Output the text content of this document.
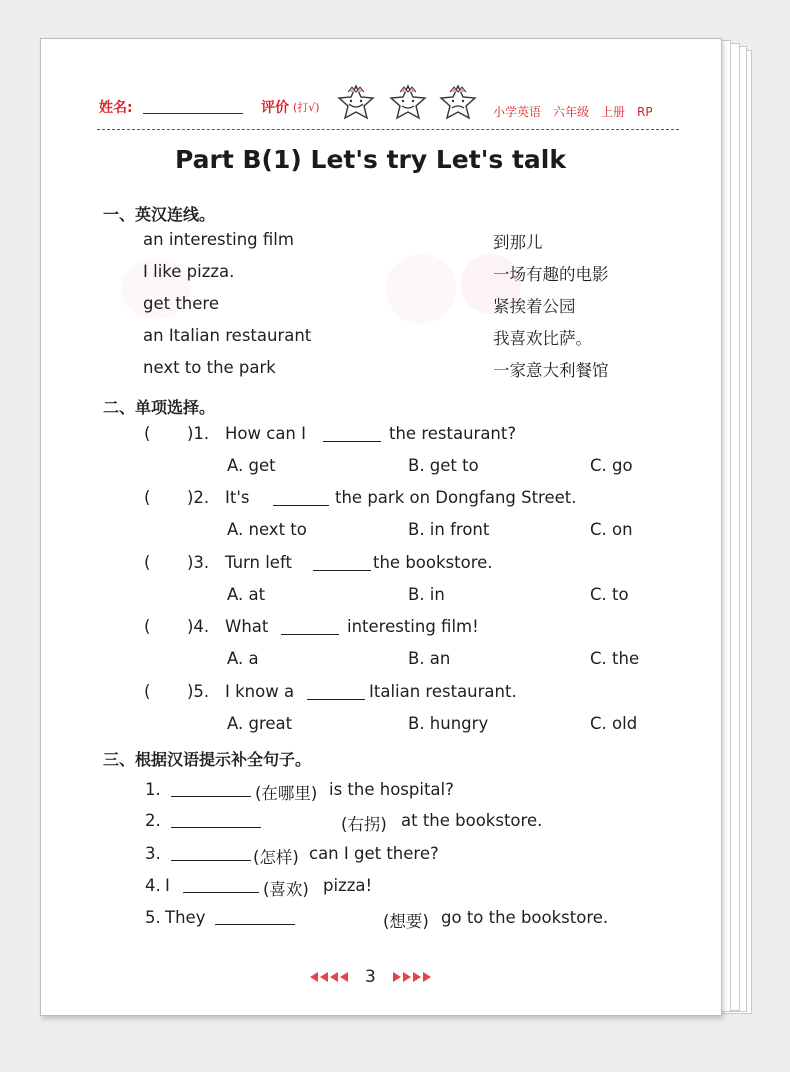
姓名:	评价 (打√)	小学英语　六年级　上册　RP
Part B(1) Let's try Let's talk
一、英汉连线。
an interesting film
I like pizza.
get there
an Italian restaurant
next to the park
到那儿
一场有趣的电影
紧挨着公园
我喜欢比萨。
一家意大利餐馆
二、单项选择。
( )1. How can I	the restaurant?
A. get	B. get to	C. go
( )2. It's	the park on Dongfang Street.
A. next to	B. in front	C. on
( )3. Turn left	the bookstore.
A. at	B. in	C. to
( )4. What	interesting film!
A. a	B. an	C. the
( )5. I know a	Italian restaurant.
A. great	B. hungry	C. old
三、根据汉语提示补全句子。
1.	(在哪里) is the hospital?
2.	(右拐) at the bookstore.
3.	(怎样) can I get there?
4. I	(喜欢) pizza!
5. They	(想要) go to the bookstore.
3
